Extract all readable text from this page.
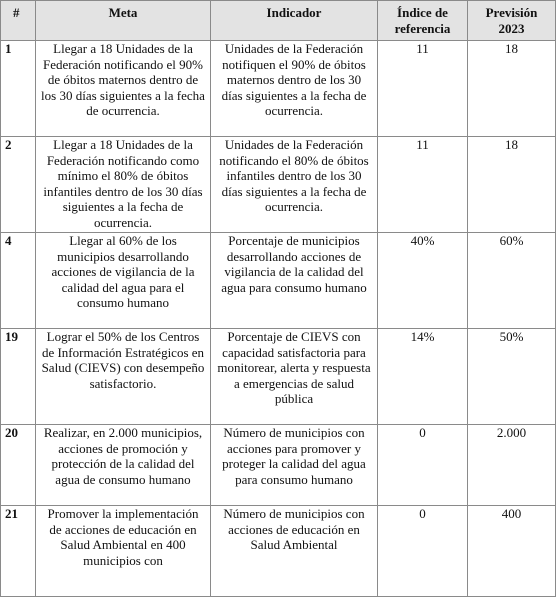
#	Meta	Indicador	Índice de referencia	Previsión 2023
1	Llegar a 18 Unidades de la Federación notificando el 90% de óbitos maternos dentro de los 30 días siguientes a la fecha de ocurrencia.	Unidades de la Federación notifiquen el 90% de óbitos maternos dentro de los 30 días siguientes a la fecha de ocurrencia.	11	18
2	Llegar a 18 Unidades de la Federación notificando como mínimo el 80% de óbitos infantiles dentro de los 30 días siguientes a la fecha de ocurrencia.	Unidades de la Federación notificando el 80% de óbitos infantiles dentro de los 30 días siguientes a la fecha de ocurrencia.	11	18
4	Llegar al 60% de los municipios desarrollando acciones de vigilancia de la calidad del agua para el consumo humano	Porcentaje de municipios desarrollando acciones de vigilancia de la calidad del agua para consumo humano	40%	60%
19	Lograr el 50% de los Centros de Información Estratégicos en Salud (CIEVS) con desempeño satisfactorio.	Porcentaje de CIEVS con capacidad satisfactoria para monitorear, alerta y respuesta a emergencias de salud pública	14%	50%
20	Realizar, en 2.000 municipios, acciones de promoción y protección de la calidad del agua de consumo humano	Número de municipios con acciones para promover y proteger la calidad del agua para consumo humano	0	2.000
21	Promover la implementación de acciones de educación en Salud Ambiental en 400 municipios con	Número de municipios con acciones de educación en Salud Ambiental	0	400
